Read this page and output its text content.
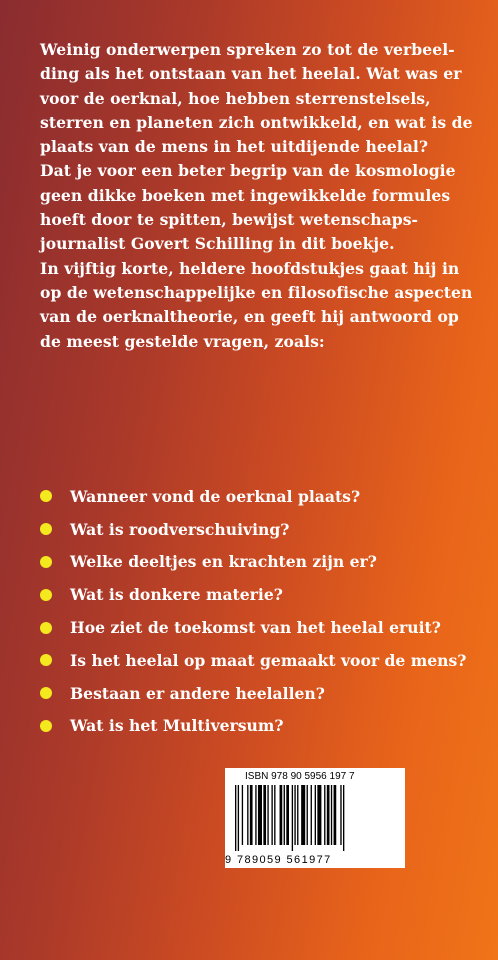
Weinig onderwerpen spreken zo tot de verbeel-
ding als het ontstaan van het heelal. Wat was er
voor de oerknal, hoe hebben sterrenstelsels,
sterren en planeten zich ontwikkeld, en wat is de
plaats van de mens in het uitdijende heelal?
Dat je voor een beter begrip van de kosmologie
geen dikke boeken met ingewikkelde formules
hoeft door te spitten, bewijst wetenschaps-
journalist Govert Schilling in dit boekje.
In vijftig korte, heldere hoofdstukjes gaat hij in
op de wetenschappelijke en filosofische aspecten
van de oerknaltheorie, en geeft hij antwoord op
de meest gestelde vragen, zoals:

Wanneer vond de oerknal plaats?
Wat is roodverschuiving?
Welke deeltjes en krachten zijn er?
Wat is donkere materie?
Hoe ziet de toekomst van het heelal eruit?
Is het heelal op maat gemaakt voor de mens?
Bestaan er andere heelallen?
Wat is het Multiversum?
ISBN 978 90 5956 197 7
9 789059 561977
